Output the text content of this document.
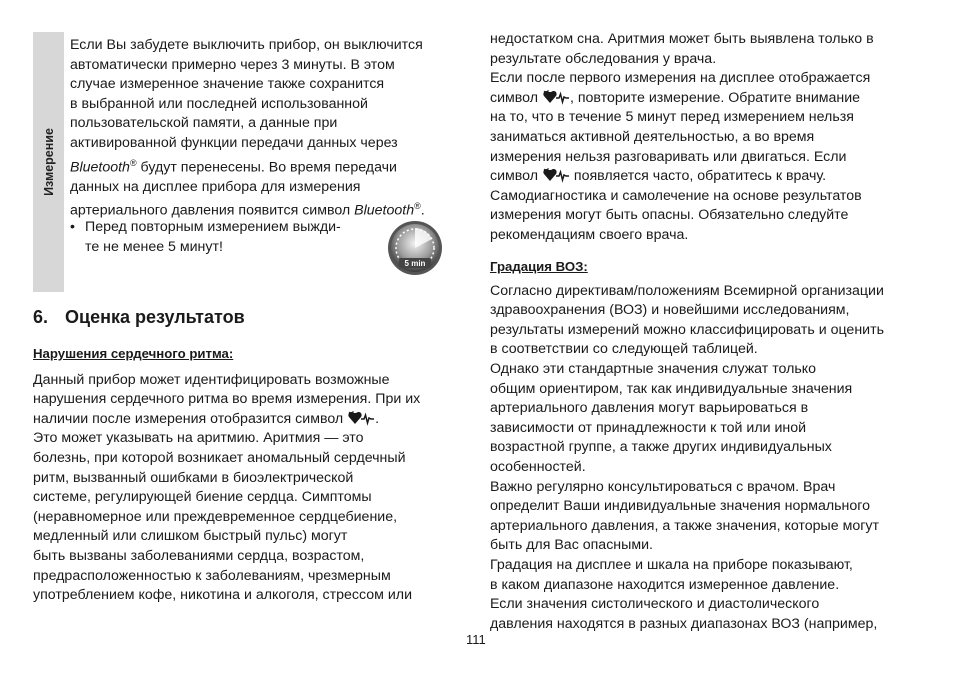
Измерение
Если Вы забудете выключить прибор, он выключится
автоматически примерно через 3 минуты. В этом
случае измеренное значение также сохранится
в выбранной или последней использованной
пользовательской памяти, а данные при
активированной функции передачи данных через
Bluetooth® будут перенесены. Во время передачи
данных на дисплее прибора для измерения
артериального давления появится символ Bluetooth®.
• Перед повторным измерением выжди-
те не менее 5 минут!
5 min
6. Оценка результатов
Нарушения сердечного ритма:
Данный прибор может идентифицировать возможные
нарушения сердечного ритма во время измерения. При их
наличии после измерения отобразится символ
.
Это может указывать на аритмию. Аритмия — это
болезнь, при которой возникает аномальный сердечный
ритм, вызванный ошибками в биоэлектрической
системе, регулирующей биение сердца. Симптомы
(неравномерное или преждевременное сердцебиение,
медленный или слишком быстрый пульс) могут
быть вызваны заболеваниями сердца, возрастом,
предрасположенностью к заболеваниям, чрезмерным
употреблением кофе, никотина и алкоголя, стрессом или
недостатком сна. Аритмия может быть выявлена только в
результате обследования у врача.
Если после первого измерения на дисплее отображается
символ
, повторите измерение. Обратите внимание
на то, что в течение 5 минут перед измерением нельзя
заниматься активной деятельностью, а во время
измерения нельзя разговаривать или двигаться. Если
символ
появляется часто, обратитесь к врачу.
Самодиагностика и самолечение на основе результатов
измерения могут быть опасны. Обязательно следуйте
рекомендациям своего врача.
Градация ВОЗ:
Согласно директивам/положениям Всемирной организации
здравоохранения (ВОЗ) и новейшими исследованиям,
результаты измерений можно классифицировать и оценить
в соответствии со следующей таблицей.
Однако эти стандартные значения служат только
общим ориентиром, так как индивидуальные значения
артериального давления могут варьироваться в
зависимости от принадлежности к той или иной
возрастной группе, а также других индивидуальных
особенностей.
Важно регулярно консультироваться с врачом. Врач
определит Ваши индивидуальные значения нормального
артериального давления, а также значения, которые могут
быть для Вас опасными.
Градация на дисплее и шкала на приборе показывают,
в каком диапазоне находится измеренное давление.
Если значения систолического и диастолического
давления находятся в разных диапазонах ВОЗ (например,
111
